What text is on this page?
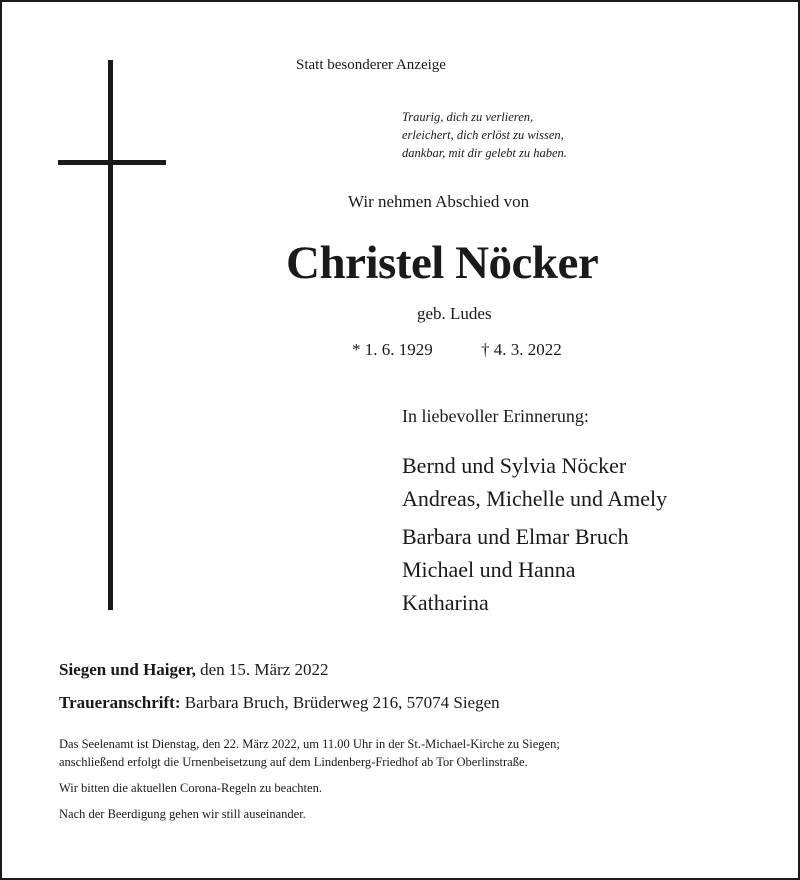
Statt besonderer Anzeige
Traurig, dich zu verlieren,
erleichert, dich erlöst zu wissen,
dankbar, mit dir gelebt zu haben.
Wir nehmen Abschied von
Christel Nöcker
geb. Ludes
* 1. 6. 1929	† 4. 3. 2022
In liebevoller Erinnerung:
Bernd und Sylvia Nöcker
Andreas, Michelle und Amely
Barbara und Elmar Bruch
Michael und Hanna
Katharina
Siegen und Haiger, den 15. März 2022
Traueranschrift: Barbara Bruch, Brüderweg 216, 57074 Siegen

Das Seelenamt ist Dienstag, den 22. März 2022, um 11.00 Uhr in der St.-Michael-Kirche zu Siegen;
anschließend erfolgt die Urnenbeisetzung auf dem Lindenberg-Friedhof ab Tor Oberlinstraße.

Wir bitten die aktuellen Corona-Regeln zu beachten.

Nach der Beerdigung gehen wir still auseinander.
